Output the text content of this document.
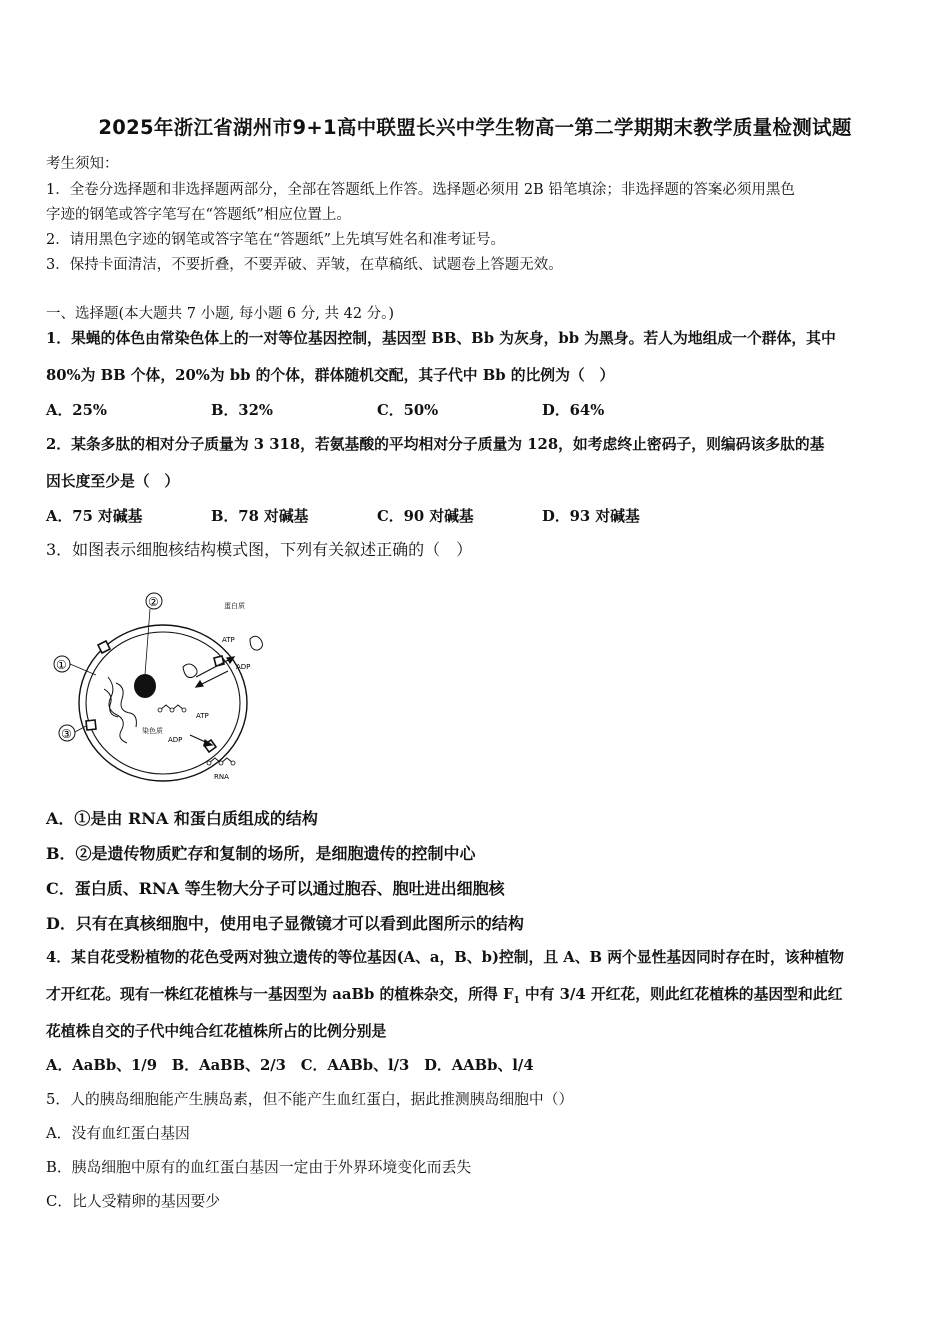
2025年浙江省湖州市9+1高中联盟长兴中学生物高一第二学期期末教学质量检测试题
考生须知：
1．全卷分选择题和非选择题两部分，全部在答题纸上作答。选择题必须用 2B 铅笔填涂；非选择题的答案必须用黑色
字迹的钢笔或答字笔写在“答题纸”相应位置上。
2．请用黑色字迹的钢笔或答字笔在“答题纸”上先填写姓名和准考证号。
3．保持卡面清洁，不要折叠，不要弄破、弄皱，在草稿纸、试题卷上答题无效。
一、选择题(本大题共 7 小题, 每小题 6 分, 共 42 分。)
1．果蝇的体色由常染色体上的一对等位基因控制，基因型 BB、Bb 为灰身，bb 为黑身。若人为地组成一个群体，其中
80%为 BB 个体，20%为 bb 的个体，群体随机交配，其子代中 Bb 的比例为（　）
A．25%	B．32%	C．50%	D．64%
2．某条多肽的相对分子质量为 3 318，若氨基酸的平均相对分子质量为 128，如考虑终止密码子，则编码该多肽的基
因长度至少是（　）
A．75 对碱基	B．78 对碱基	C．90 对碱基	D．93 对碱基
3．如图表示细胞核结构模式图，下列有关叙述正确的（　）
②
①
③
蛋白质
ATP
ADP
染色质
ATP
ADP
RNA
A．①是由 RNA 和蛋白质组成的结构
B．②是遗传物质贮存和复制的场所，是细胞遗传的控制中心
C．蛋白质、RNA 等生物大分子可以通过胞吞、胞吐进出细胞核
D．只有在真核细胞中，使用电子显微镜才可以看到此图所示的结构
4．某自花受粉植物的花色受两对独立遗传的等位基因(A、a，B、b)控制，且 A、B 两个显性基因同时存在时，该种植物
才开红花。现有一株红花植株与一基因型为 aaBb 的植株杂交，所得 $F_1$ 中有 3/4 开红花，则此红花植株的基因型和此红
花植株自交的子代中纯合红花植株所占的比例分别是
A．AaBb、1/9　B．AaBB、2/3　C．AABb、l/3　D．AABb、l/4
5．人的胰岛细胞能产生胰岛素，但不能产生血红蛋白，据此推测胰岛细胞中（）
A．没有血红蛋白基因
B．胰岛细胞中原有的血红蛋白基因一定由于外界环境变化而丢失
C．比人受精卵的基因要少
